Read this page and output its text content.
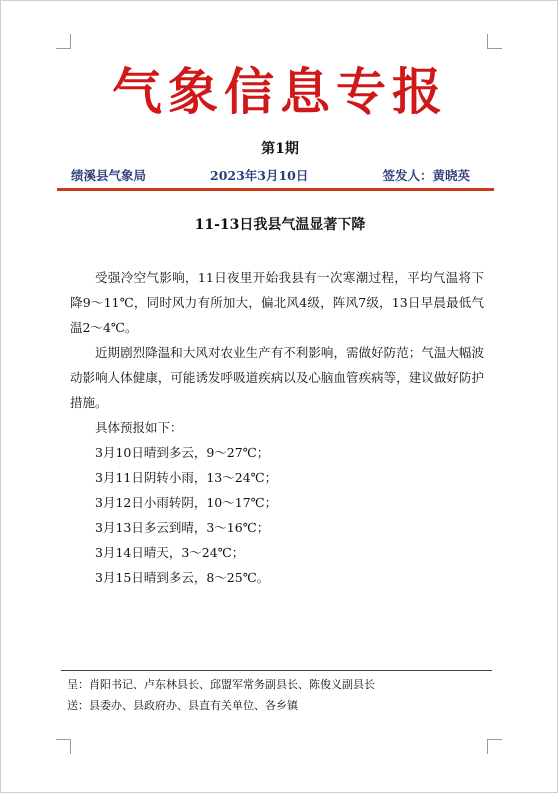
气象信息专报
第1期
绩溪县气象局	2023年3月10日	签发人：黄晓英
11-13日我县气温显著下降

受强冷空气影响，11日夜里开始我县有一次寒潮过程，平均气温将下降9～11℃，同时风力有所加大，偏北风4级，阵风7级，13日早晨最低气温2～4℃。

近期剧烈降温和大风对农业生产有不利影响，需做好防范；气温大幅波动影响人体健康，可能诱发呼吸道疾病以及心脑血管疾病等，建议做好防护措施。

具体预报如下：

3月10日晴到多云，9～27℃；
3月11日阴转小雨，13～24℃；
3月12日小雨转阴，10～17℃；
3月13日多云到晴，3～16℃；
3月14日晴天，3～24℃；
3月15日晴到多云，8～25℃。
呈：肖阳书记、卢东林县长、邱盟军常务副县长、陈俊义副县长
送：县委办、县政府办、县直有关单位、各乡镇
